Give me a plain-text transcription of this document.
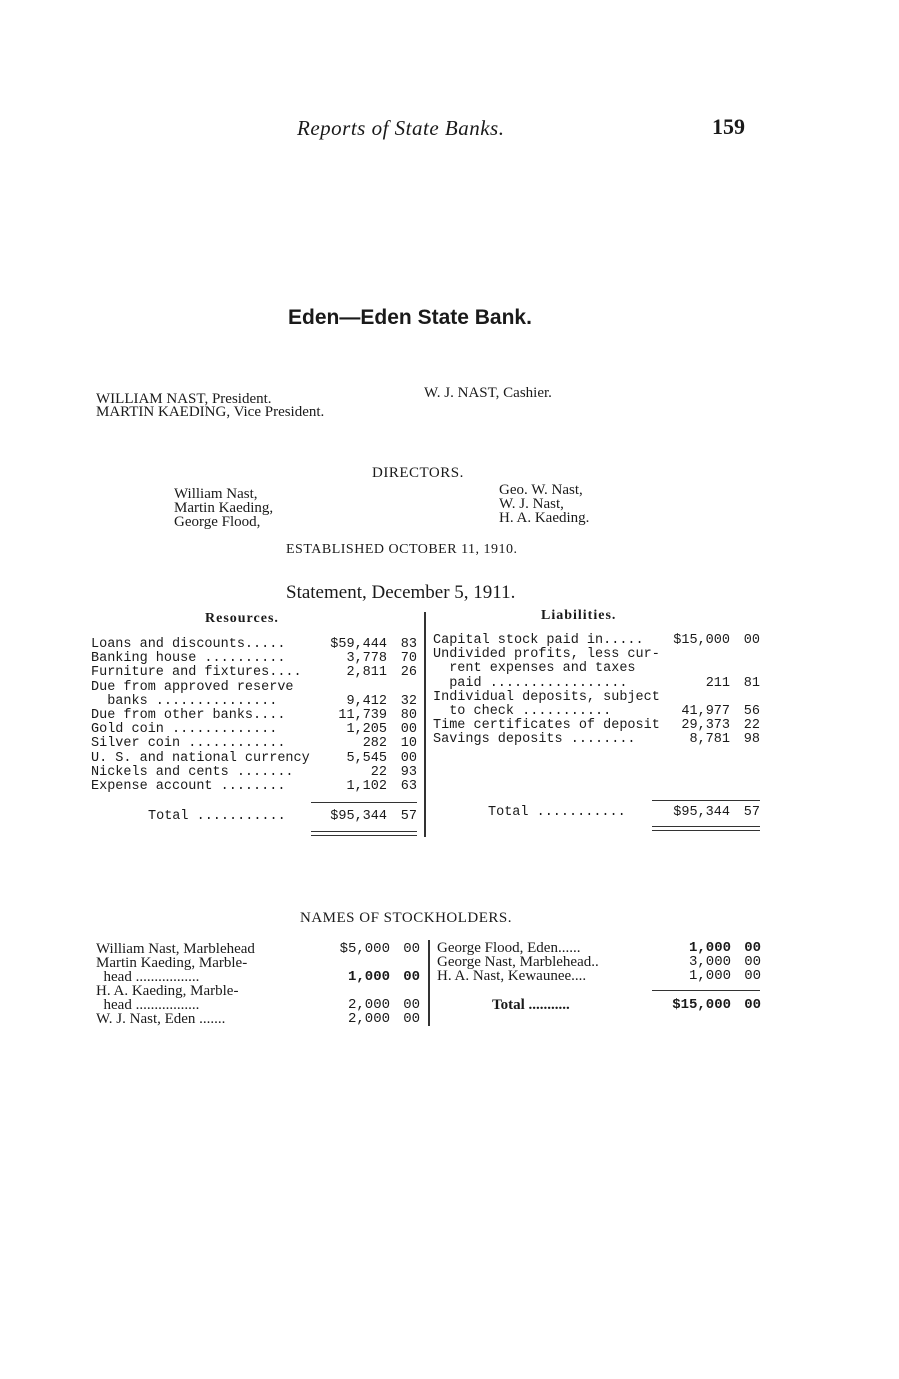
Reports of State Banks.	159
Eden—Eden State Bank.
WILLIAM NAST, President.
MARTIN KAEDING, Vice President.
W. J. NAST, Cashier.
DIRECTORS.
William Nast,
Martin Kaeding,
George Flood,
Geo. W. Nast,
W. J. Nast,
H. A. Kaeding.
ESTABLISHED OCTOBER 11, 1910.
Statement, December 5, 1911.
Resources.	Liabilities.
Loans and discounts.....	$59,444	83
Banking house ..........	3,778	70
Furniture and fixtures....	2,811	26
Due from approved reserve
banks ...............	9,412	32
Due from other banks....	11,739	80
Gold coin .............	1,205	00
Silver coin ............	282	10
U. S. and national currency	5,545	00
Nickels and cents .......	22	93
Expense account ........	1,102	63
Total ...........	$95,344	57
Capital stock paid in..... $15,000	00
Undivided profits, less cur-
rent expenses and taxes
paid .................	211	81
Individual deposits, subject
to check ...........	41,977	56
Time certificates of deposit 29,373	22
Savings deposits ........	8,781	98
Total ...........	$95,344	57
NAMES OF STOCKHOLDERS.
William Nast, Marblehead	$5,000 00
Martin Kaeding, Marble-
head .................	1,000 00
H. A. Kaeding, Marble-
head .................	2,000 00
W. J. Nast, Eden .......	2,000 00
George Flood, Eden......	1,000 00
George Nast, Marblehead..	3,000 00
H. A. Nast, Kewaunee....	1,000 00
Total ...........	$15,000 00
